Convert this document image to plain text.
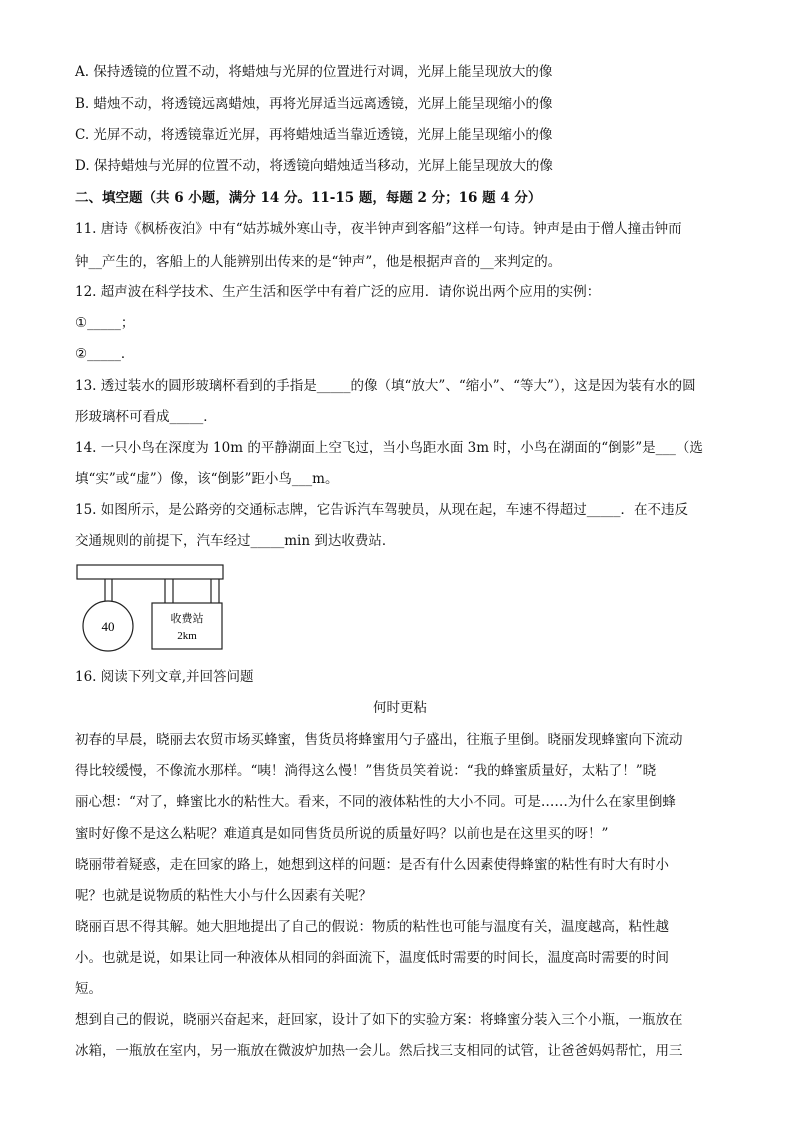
A. 保持透镜的位置不动，将蜡烛与光屏的位置进行对调，光屏上能呈现放大的像
B. 蜡烛不动，将透镜远离蜡烛，再将光屏适当远离透镜，光屏上能呈现缩小的像
C. 光屏不动，将透镜靠近光屏，再将蜡烛适当靠近透镜，光屏上能呈现缩小的像
D. 保持蜡烛与光屏的位置不动，将透镜向蜡烛适当移动，光屏上能呈现放大的像
二、填空题（共 6 小题，满分 14 分。11-15 题，每题 2 分；16 题 4 分）
11. 唐诗《枫桥夜泊》中有“姑苏城外寒山寺，夜半钟声到客船”这样一句诗。钟声是由于僧人撞击钟而
钟__产生的，客船上的人能辨别出传来的是“钟声”，他是根据声音的__来判定的。
12. 超声波在科学技术、生产生活和医学中有着广泛的应用．请你说出两个应用的实例：
①_____；
②_____．
13. 透过装水的圆形玻璃杯看到的手指是_____的像（填“放大”、“缩小”、“等大”），这是因为装有水的圆
形玻璃杯可看成_____．
14. 一只小鸟在深度为 10m 的平静湖面上空飞过，当小鸟距水面 3m 时，小鸟在湖面的“倒影”是___（选
填“实”或“虚”）像，该“倒影”距小鸟___m。
15. 如图所示，是公路旁的交通标志牌，它告诉汽车驾驶员，从现在起，车速不得超过_____．在不违反
交通规则的前提下，汽车经过_____min 到达收费站．
40
收费站
2km
16. 阅读下列文章,并回答问题
何时更粘
初春的早晨，晓丽去农贸市场买蜂蜜，售货员将蜂蜜用勺子盛出，往瓶子里倒。晓丽发现蜂蜜向下流动
得比较缓慢，不像流水那样。“咦！淌得这么慢！”售货员笑着说：“我的蜂蜜质量好，太粘了！”晓
丽心想：“对了，蜂蜜比水的粘性大。看来，不同的液体粘性的大小不同。可是……为什么在家里倒蜂
蜜时好像不是这么粘呢？难道真是如同售货员所说的质量好吗？以前也是在这里买的呀！”
晓丽带着疑惑，走在回家的路上，她想到这样的问题：是否有什么因素使得蜂蜜的粘性有时大有时小
呢？也就是说物质的粘性大小与什么因素有关呢？
晓丽百思不得其解。她大胆地提出了自己的假说：物质的粘性也可能与温度有关，温度越高，粘性越
小。也就是说，如果让同一种液体从相同的斜面流下，温度低时需要的时间长，温度高时需要的时间
短。
想到自己的假说，晓丽兴奋起来，赶回家，设计了如下的实验方案：将蜂蜜分装入三个小瓶，一瓶放在
冰箱，一瓶放在室内，另一瓶放在微波炉加热一会儿。然后找三支相同的试管，让爸爸妈妈帮忙，用三
